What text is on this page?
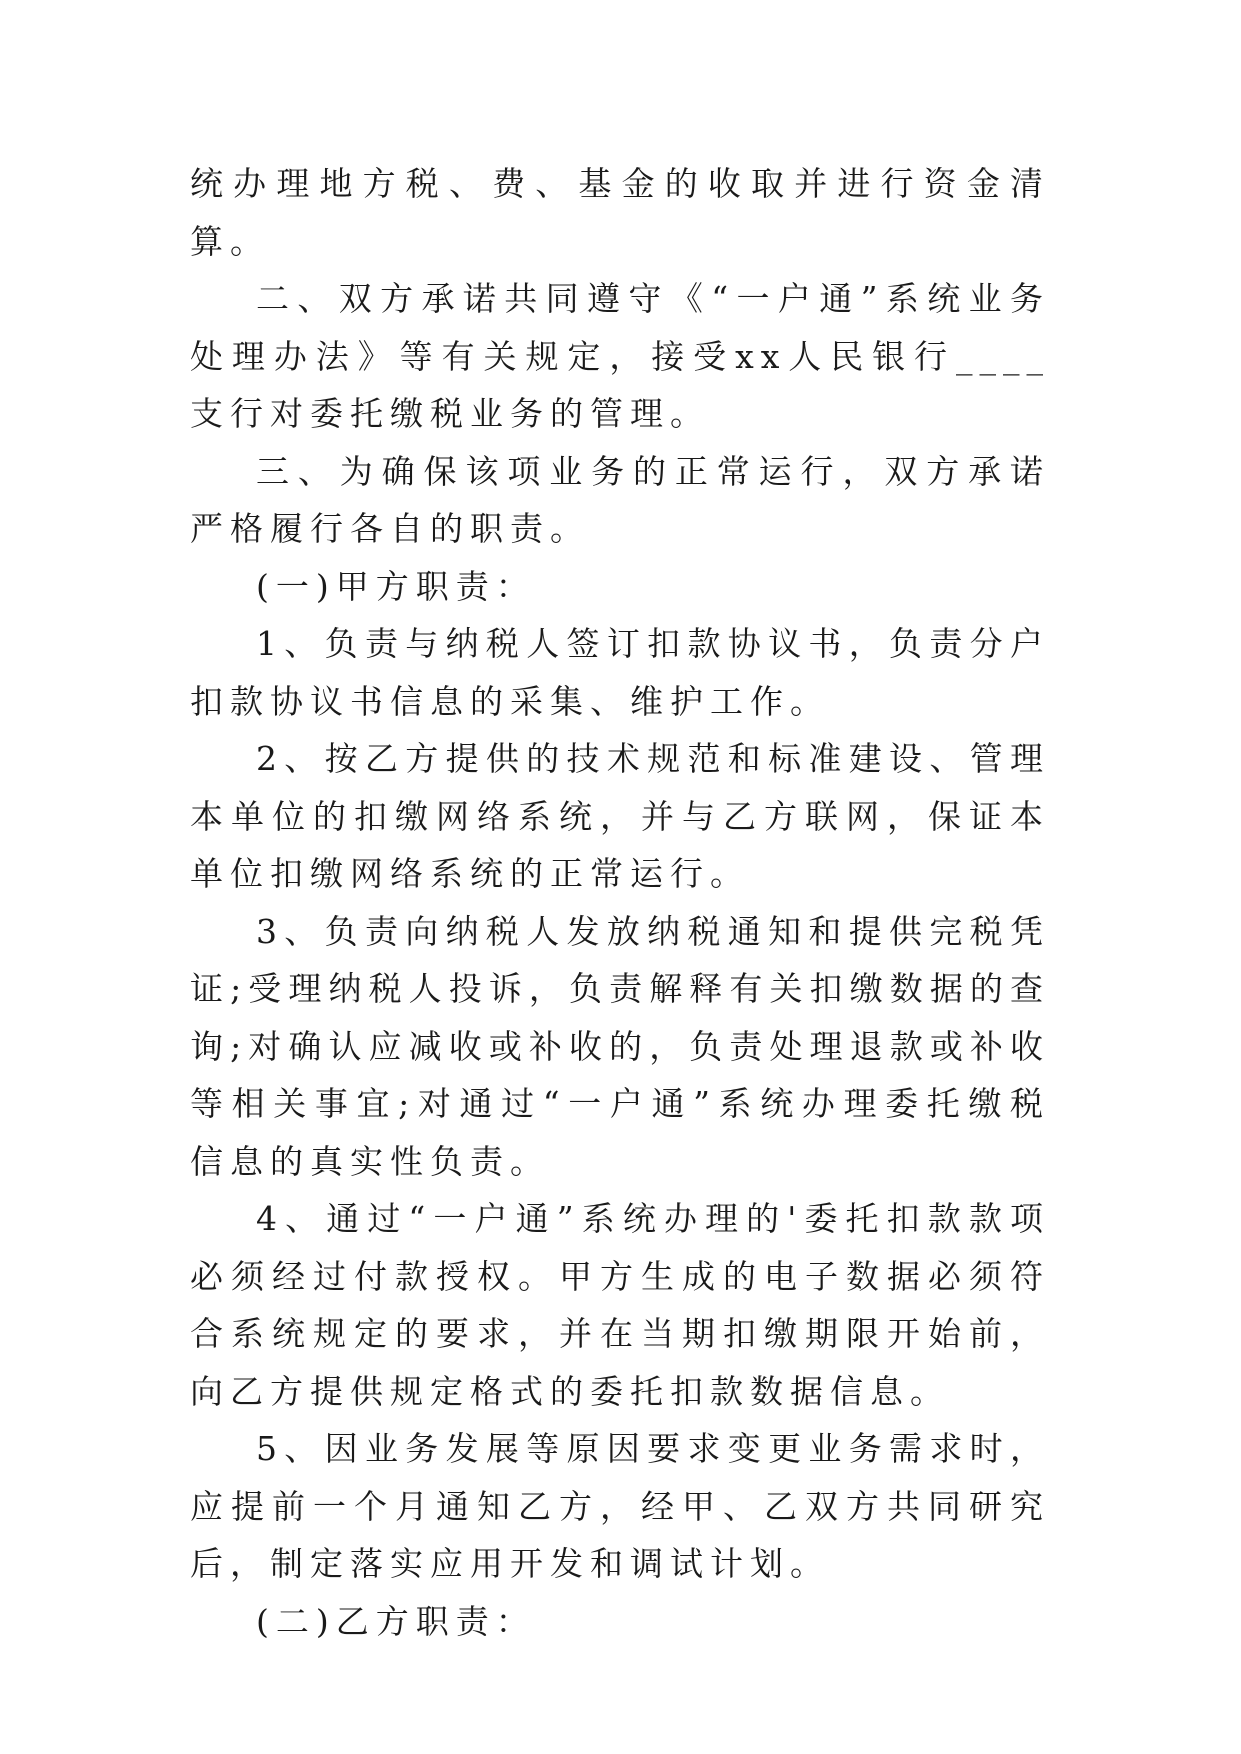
统办理地方税、费、基金的收取并进行资金清算。

二、双方承诺共同遵守《“一户通”系统业务处理办法》等有关规定，接受xx人民银行____支行对委托缴税业务的管理。

三、为确保该项业务的正常运行，双方承诺严格履行各自的职责。

(一)甲方职责：

1、负责与纳税人签订扣款协议书，负责分户扣款协议书信息的采集、维护工作。

2、按乙方提供的技术规范和标准建设、管理本单位的扣缴网络系统，并与乙方联网，保证本单位扣缴网络系统的正常运行。

3、负责向纳税人发放纳税通知和提供完税凭证;受理纳税人投诉，负责解释有关扣缴数据的查询;对确认应减收或补收的，负责处理退款或补收等相关事宜;对通过“一户通”系统办理委托缴税信息的真实性负责。

4、通过“一户通”系统办理的'委托扣款款项必须经过付款授权。甲方生成的电子数据必须符合系统规定的要求，并在当期扣缴期限开始前，向乙方提供规定格式的委托扣款数据信息。

5、因业务发展等原因要求变更业务需求时，应提前一个月通知乙方，经甲、乙双方共同研究后，制定落实应用开发和调试计划。

(二)乙方职责：
